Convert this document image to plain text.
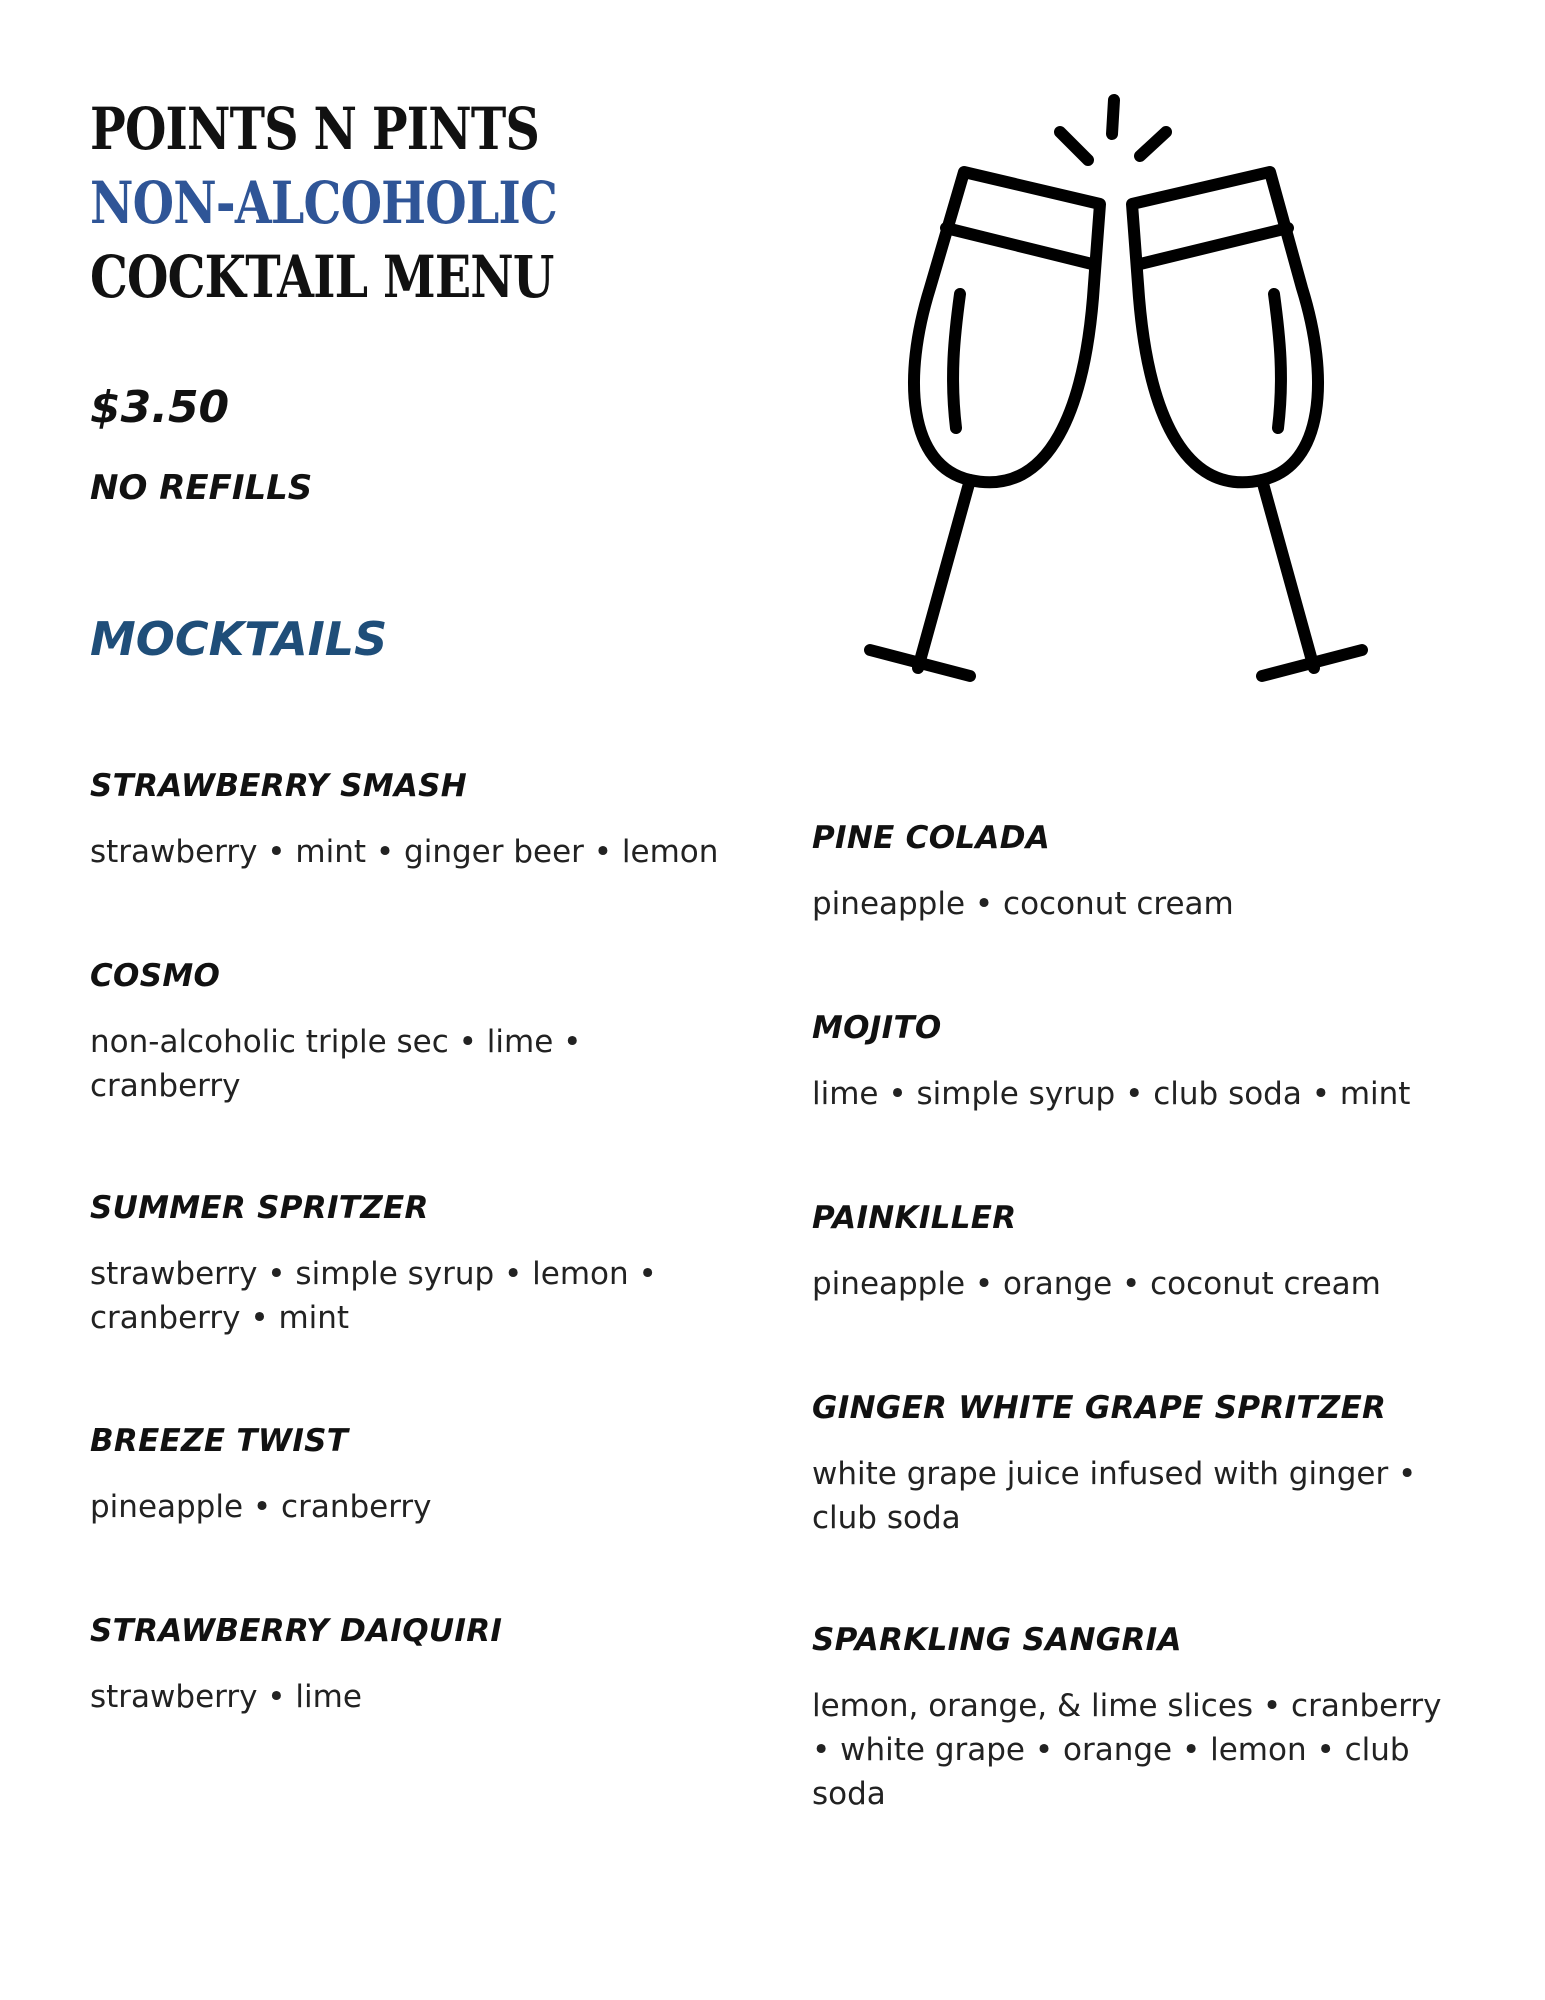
POINTS N PINTS
NON-ALCOHOLIC
COCKTAIL MENU
$3.50
NO REFILLS
MOCKTAILS
STRAWBERRY SMASH
strawberry • mint • ginger beer • lemon
COSMO
non-alcoholic triple sec • lime • cranberry
SUMMER SPRITZER
strawberry • simple syrup • lemon • cranberry • mint
BREEZE TWIST
pineapple • cranberry
STRAWBERRY DAIQUIRI
strawberry • lime
PINE COLADA
pineapple • coconut cream
MOJITO
lime • simple syrup • club soda • mint
PAINKILLER
pineapple • orange • coconut cream
GINGER WHITE GRAPE SPRITZER
white grape juice infused with ginger • club soda
SPARKLING SANGRIA
lemon, orange, & lime slices • cranberry • white grape • orange • lemon • club soda
